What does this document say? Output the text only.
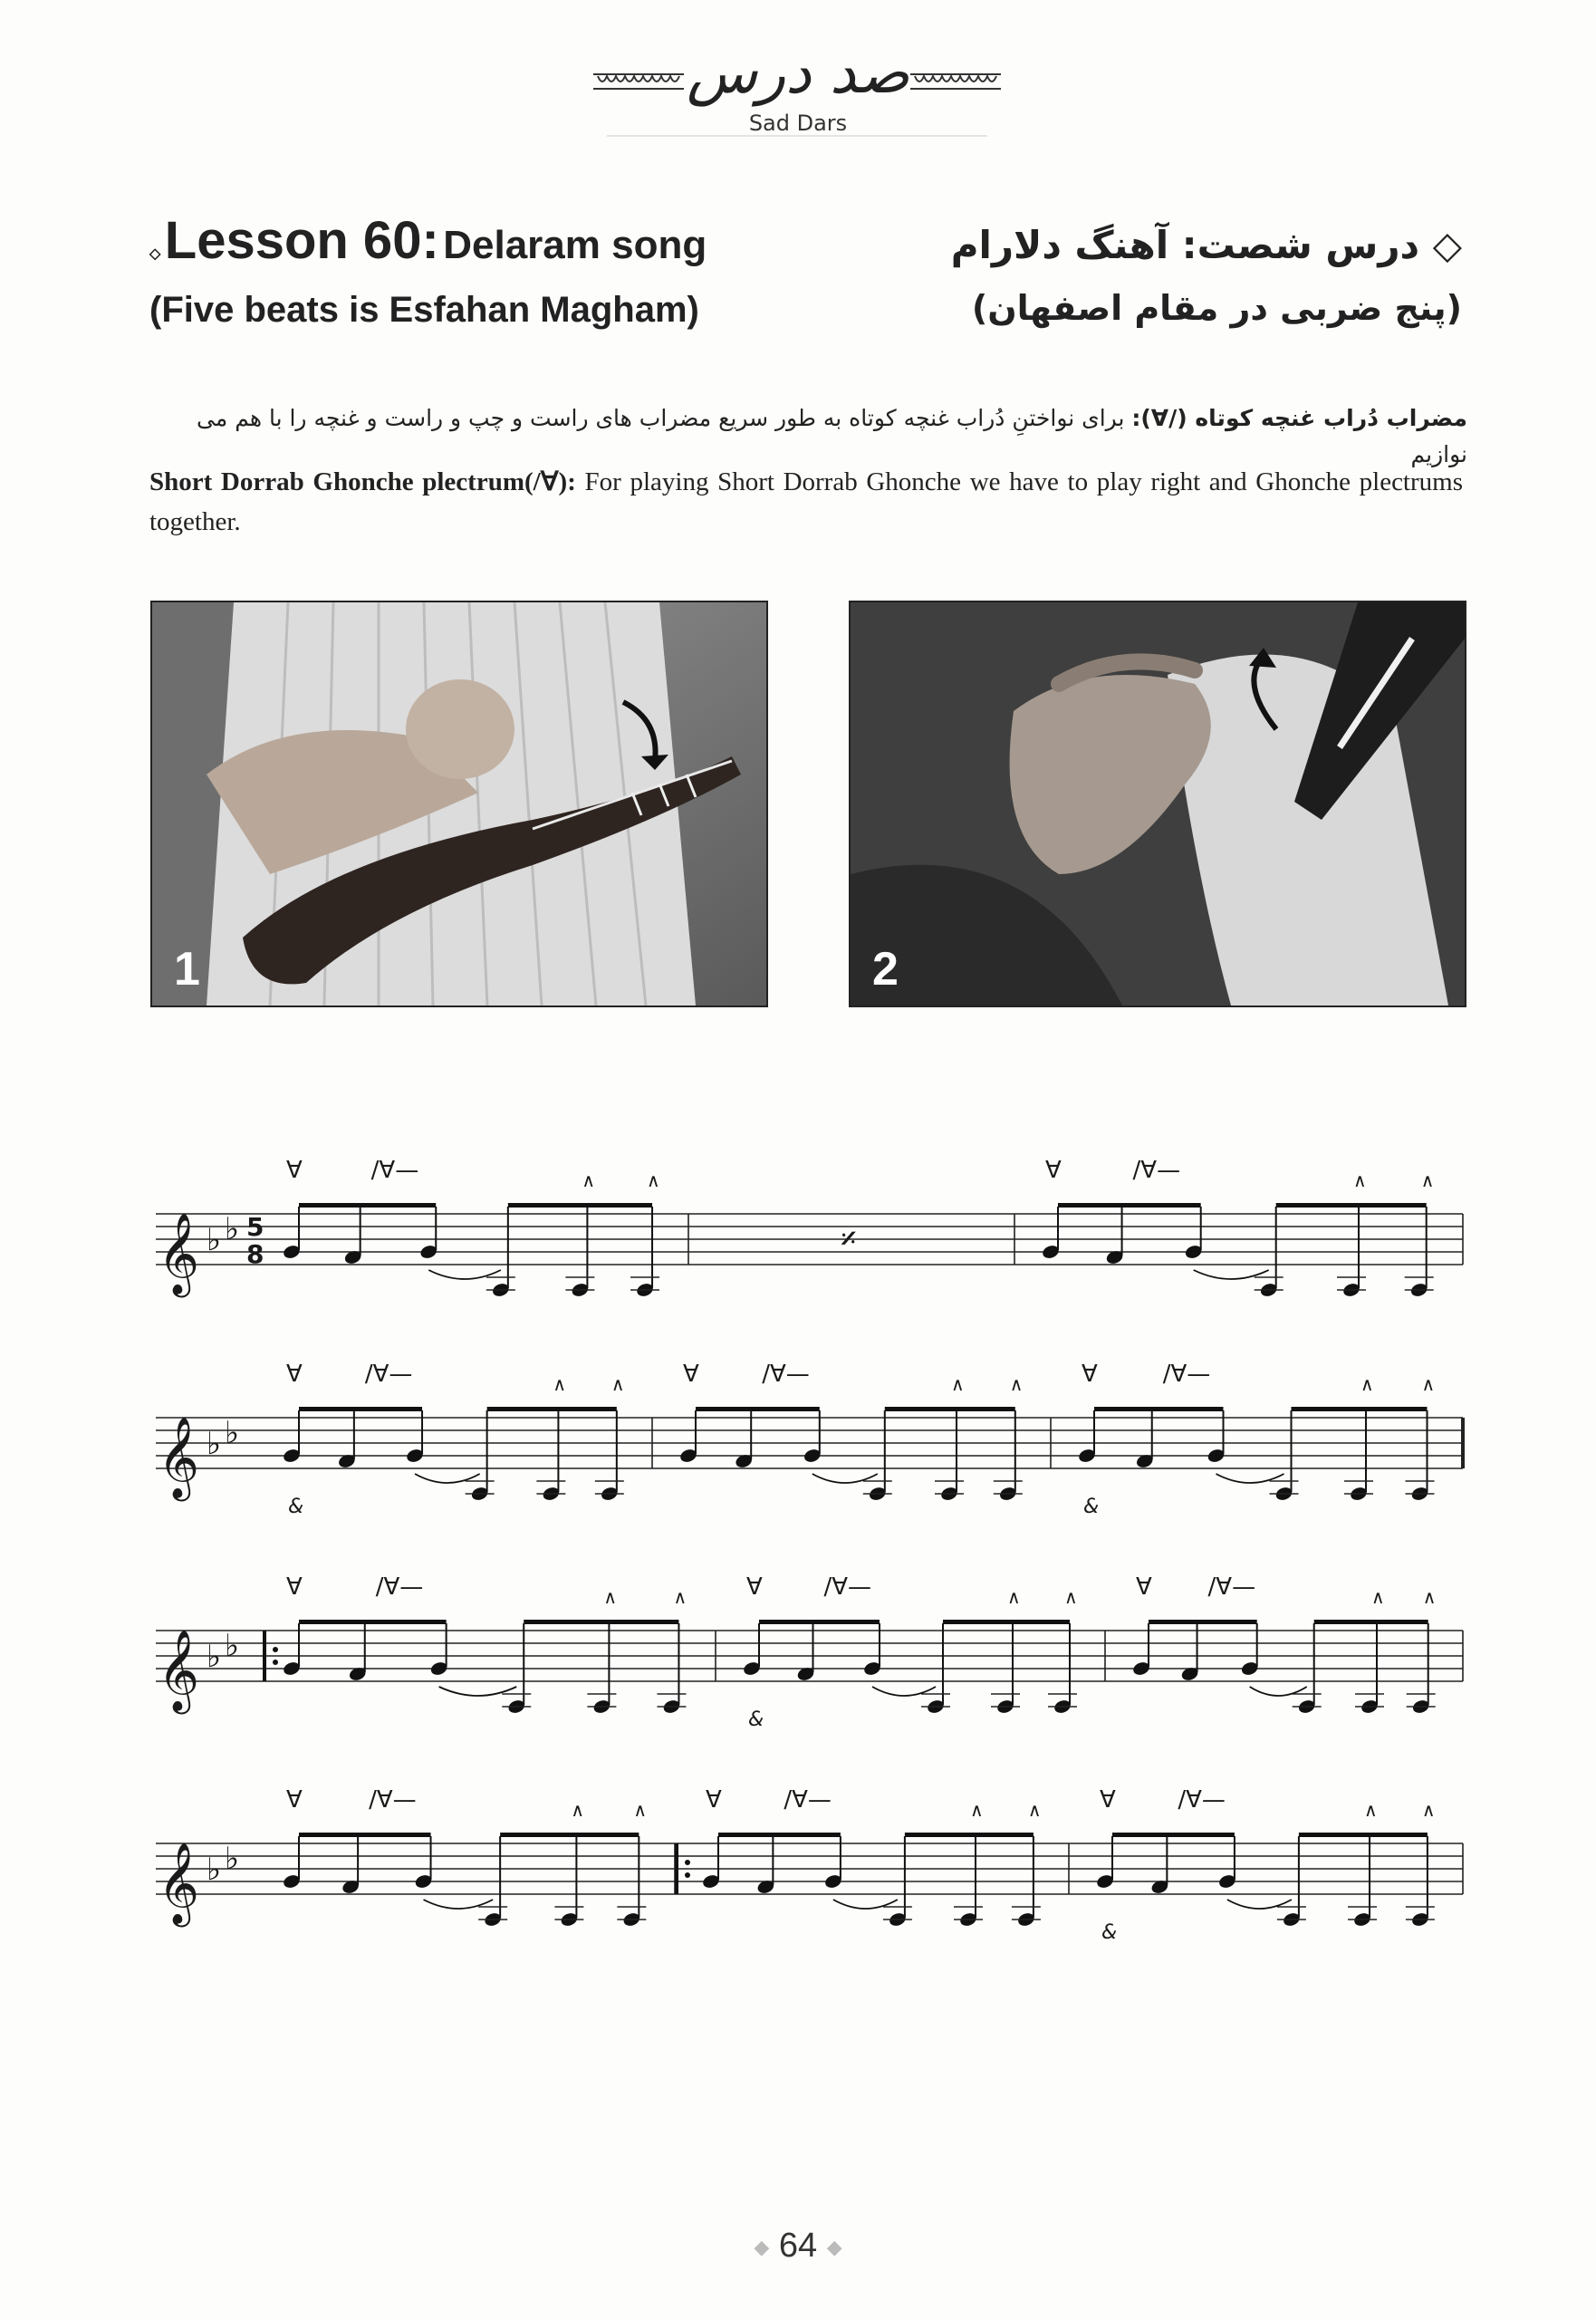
صد درس
Sad Dars
◇ Lesson 60: Delaram song
(Five beats is Esfahan Magham)
◇ درس شصت: آهنگ دلارام
(پنج ضربی در مقام اصفهان)
مضراب دُراب غنچه کوتاه (/∀): برای نواختنِ دُراب غنچه کوتاه به طور سریع مضراب های راست و چپ و راست و غنچه را با هم می نوازیم
Short Dorrab Ghonche plectrum(/∀): For playing Short Dorrab Ghonche we have to play right and Ghonche plectrums together.
1	2
𝄞 ♭ ♭ 5
8
∀	/∀—	∧	∧
𝄎
∀	/∀—	∧	∧
𝄞 ♭ ♭
∀	/∀—	∧ ∧
&
∀	/∀—	∧	∧ ∀	/∀—	∧	∧
&
𝄞 ♭ ♭
∀	/∀—	∧	∧	∀	/∀—	∧ ∧
&
∀ /∀—	∧ ∧
𝄞 ♭ ♭
∀	/∀—	∧	∧	∀	/∀—	∧ ∧ ∀	/∀—	∧ ∧
&
◆ 64 ◆
